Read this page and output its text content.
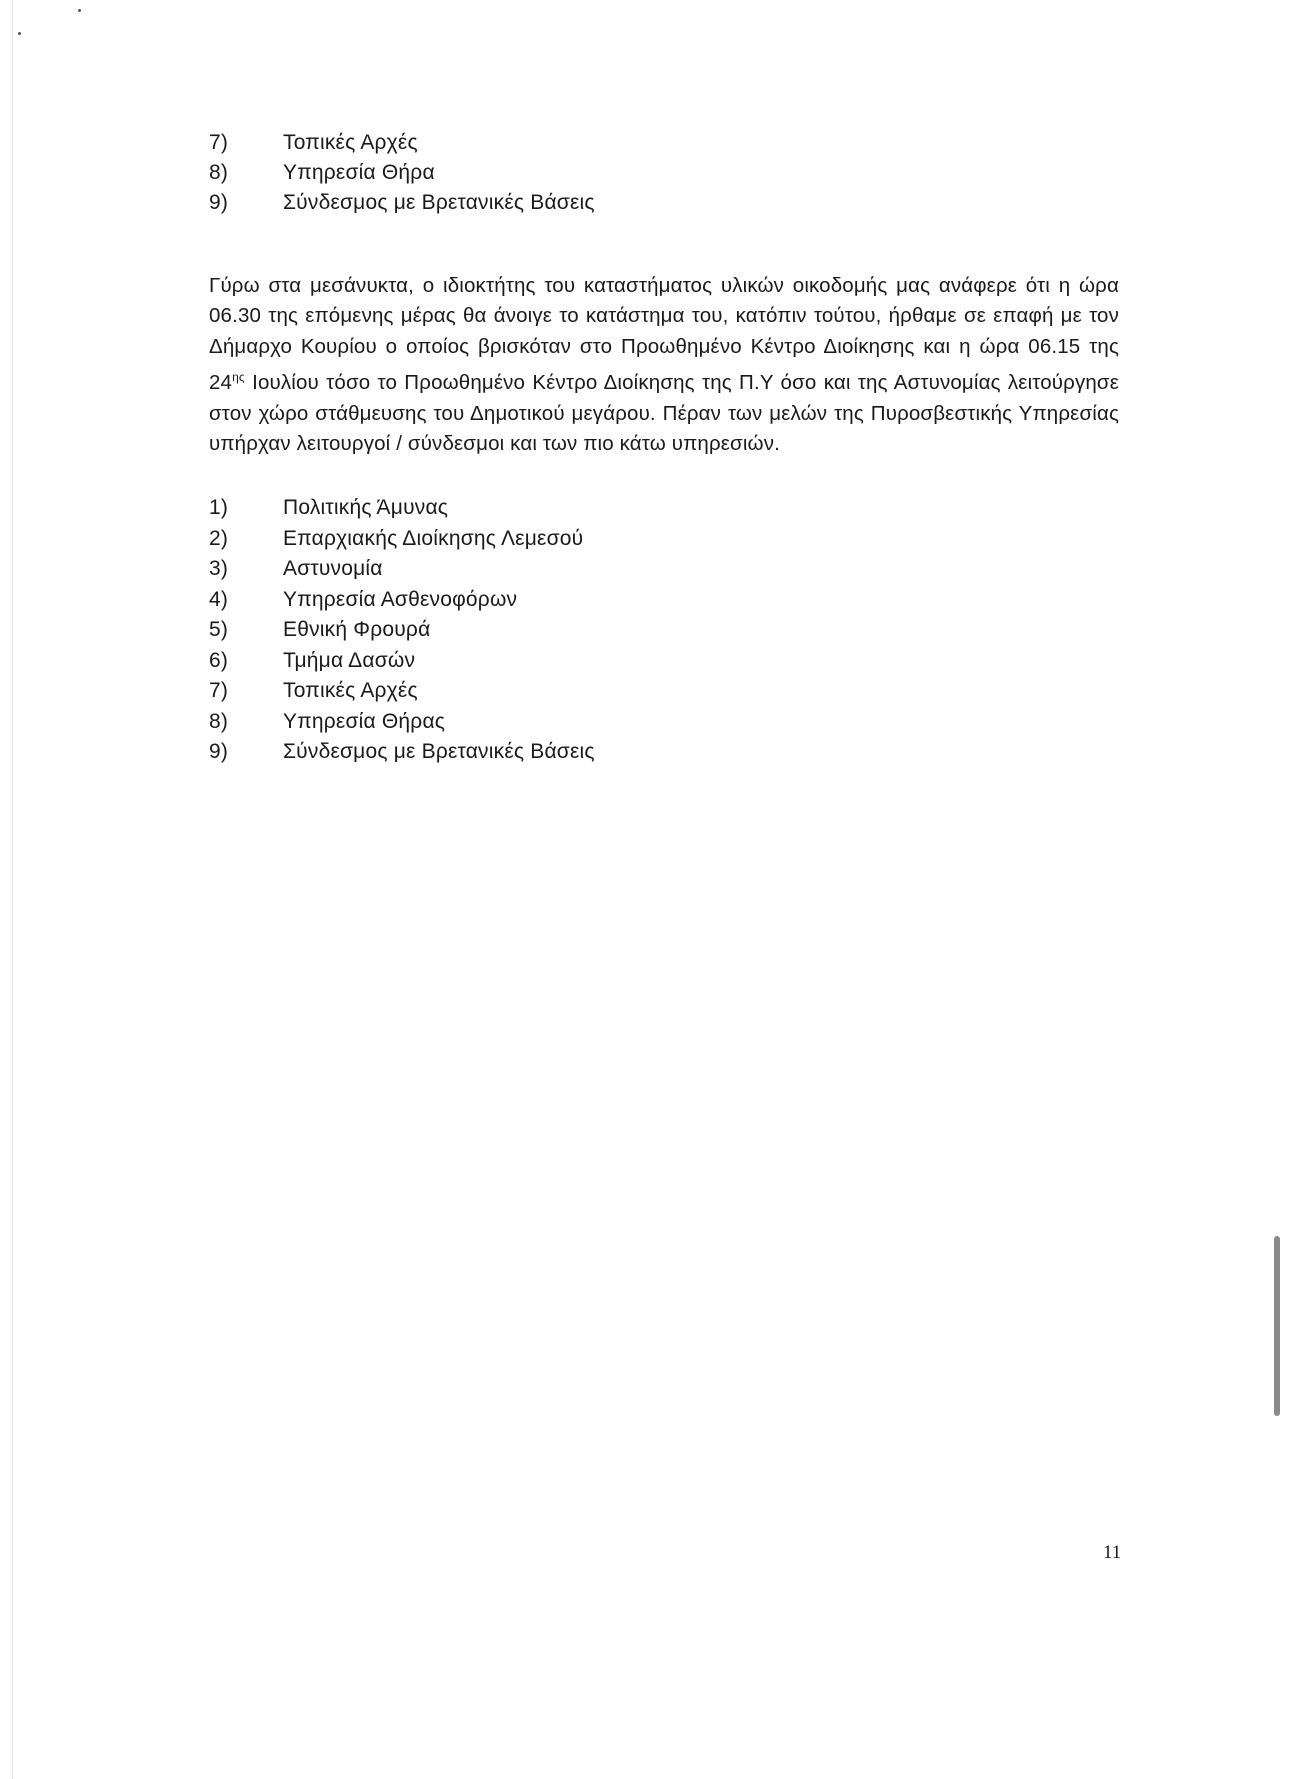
7)	Τοπικές Αρχές
8)	Υπηρεσία Θήρα
9)	Σύνδεσμος με Βρετανικές Βάσεις

Γύρω στα μεσάνυκτα, ο ιδιοκτήτης του καταστήματος υλικών οικοδομής μας ανάφερε ότι η ώρα 06.30 της επόμενης μέρας θα άνοιγε το κατάστημα του, κατόπιν τούτου, ήρθαμε σε επαφή με τον Δήμαρχο Κουρίου ο οποίος βρισκόταν στο Προωθημένο Κέντρο Διοίκησης και η ώρα 06.15 της $24^{\eta\varsigma}$ Ιουλίου τόσο το Προωθημένο Κέντρο Διοίκησης της Π.Υ όσο και της Αστυνομίας λειτούργησε στον χώρο στάθμευσης του Δημοτικού μεγάρου. Πέραν των μελών της Πυροσβεστικής Υπηρεσίας υπήρχαν λειτουργοί / σύνδεσμοι και των πιο κάτω υπηρεσιών.

1)	Πολιτικής Άμυνας
2)	Επαρχιακής Διοίκησης Λεμεσού
3)	Αστυνομία
4)	Υπηρεσία Ασθενοφόρων
5)	Εθνική Φρουρά
6)	Τμήμα Δασών
7)	Τοπικές Αρχές
8)	Υπηρεσία Θήρας
9)	Σύνδεσμος με Βρετανικές Βάσεις
11
